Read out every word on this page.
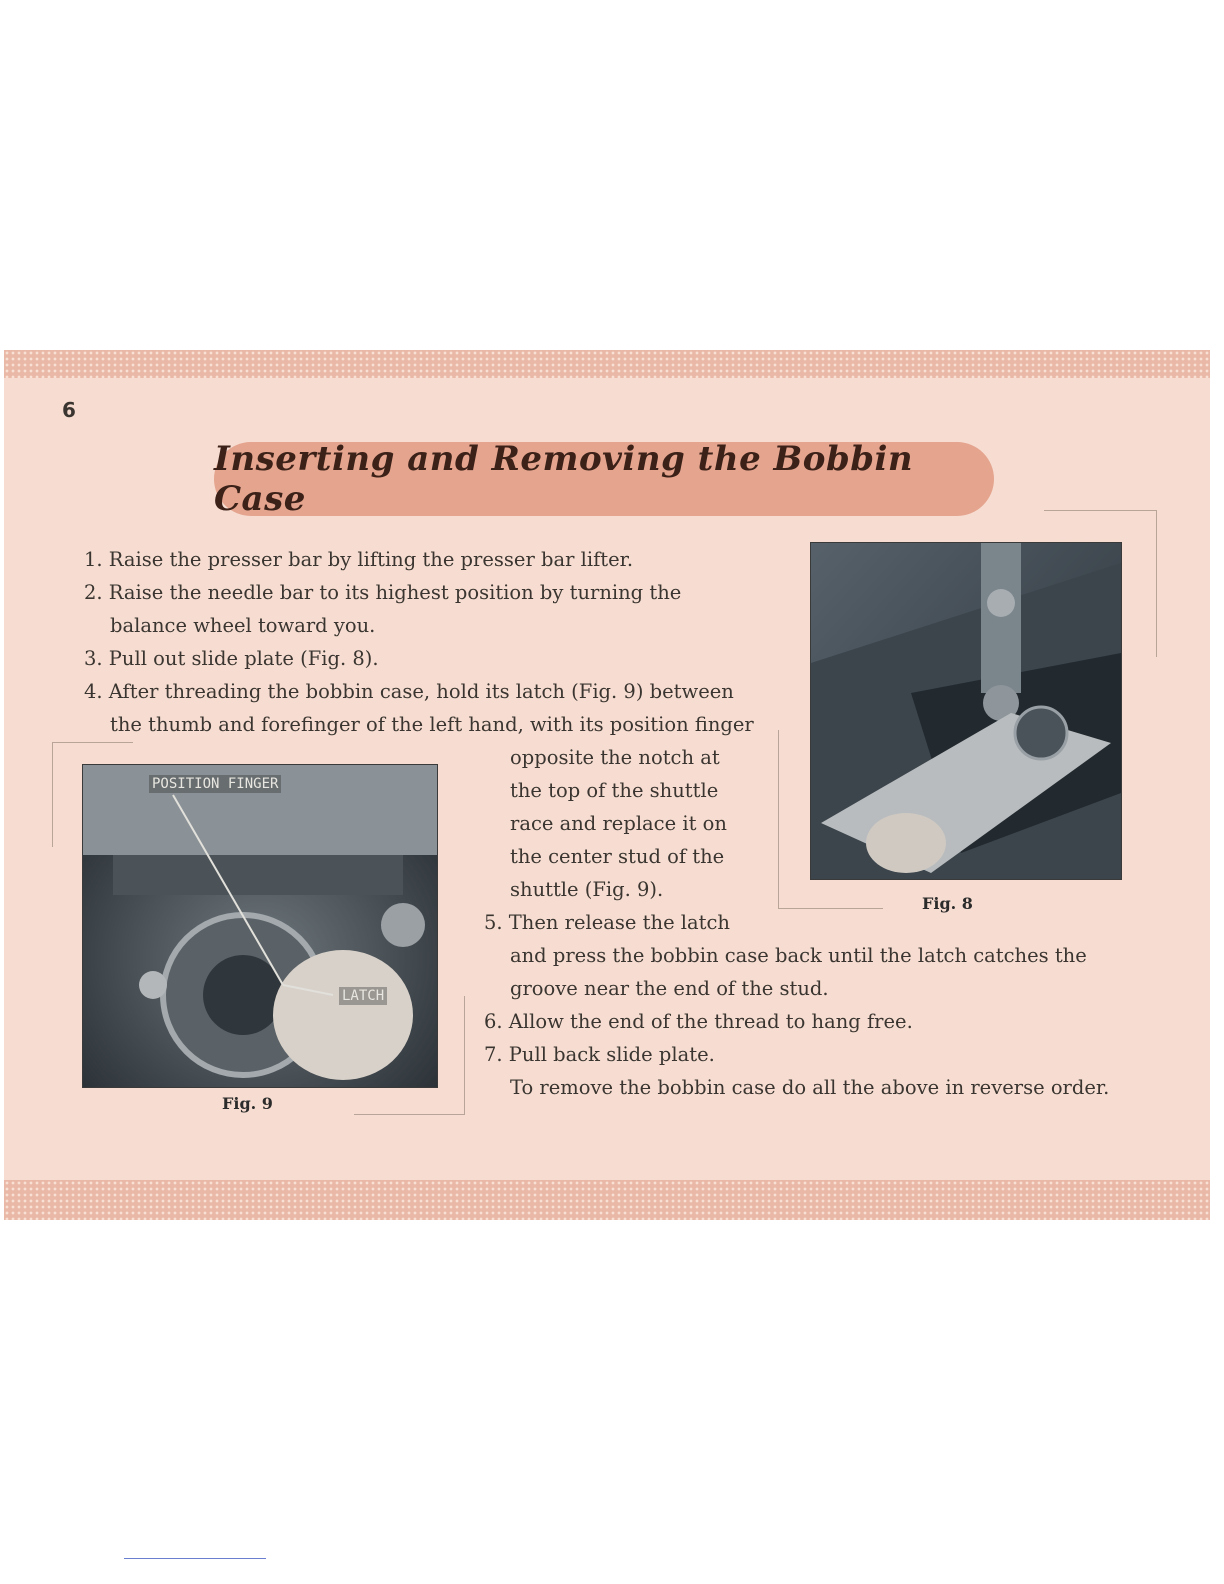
6
Inserting and Removing the Bobbin Case
1. Raise the presser bar by lifting the presser bar lifter.
2. Raise the needle bar to its highest position by turning the
balance wheel toward you.
3. Pull out slide plate (Fig. 8).
4. After threading the bobbin case, hold its latch (Fig. 9) between
the thumb and forefinger of the left hand, with its position finger
opposite the notch at
the top of the shuttle
race and replace it on
the center stud of the
shuttle (Fig. 9).
5. Then release the latch
and press the bobbin case back until the latch catches the
groove near the end of the stud.
6. Allow the end of the thread to hang free.
7. Pull back slide plate.
To remove the bobbin case do all the above in reverse order.
Fig. 8
POSITION FINGER
LATCH
Fig. 9
